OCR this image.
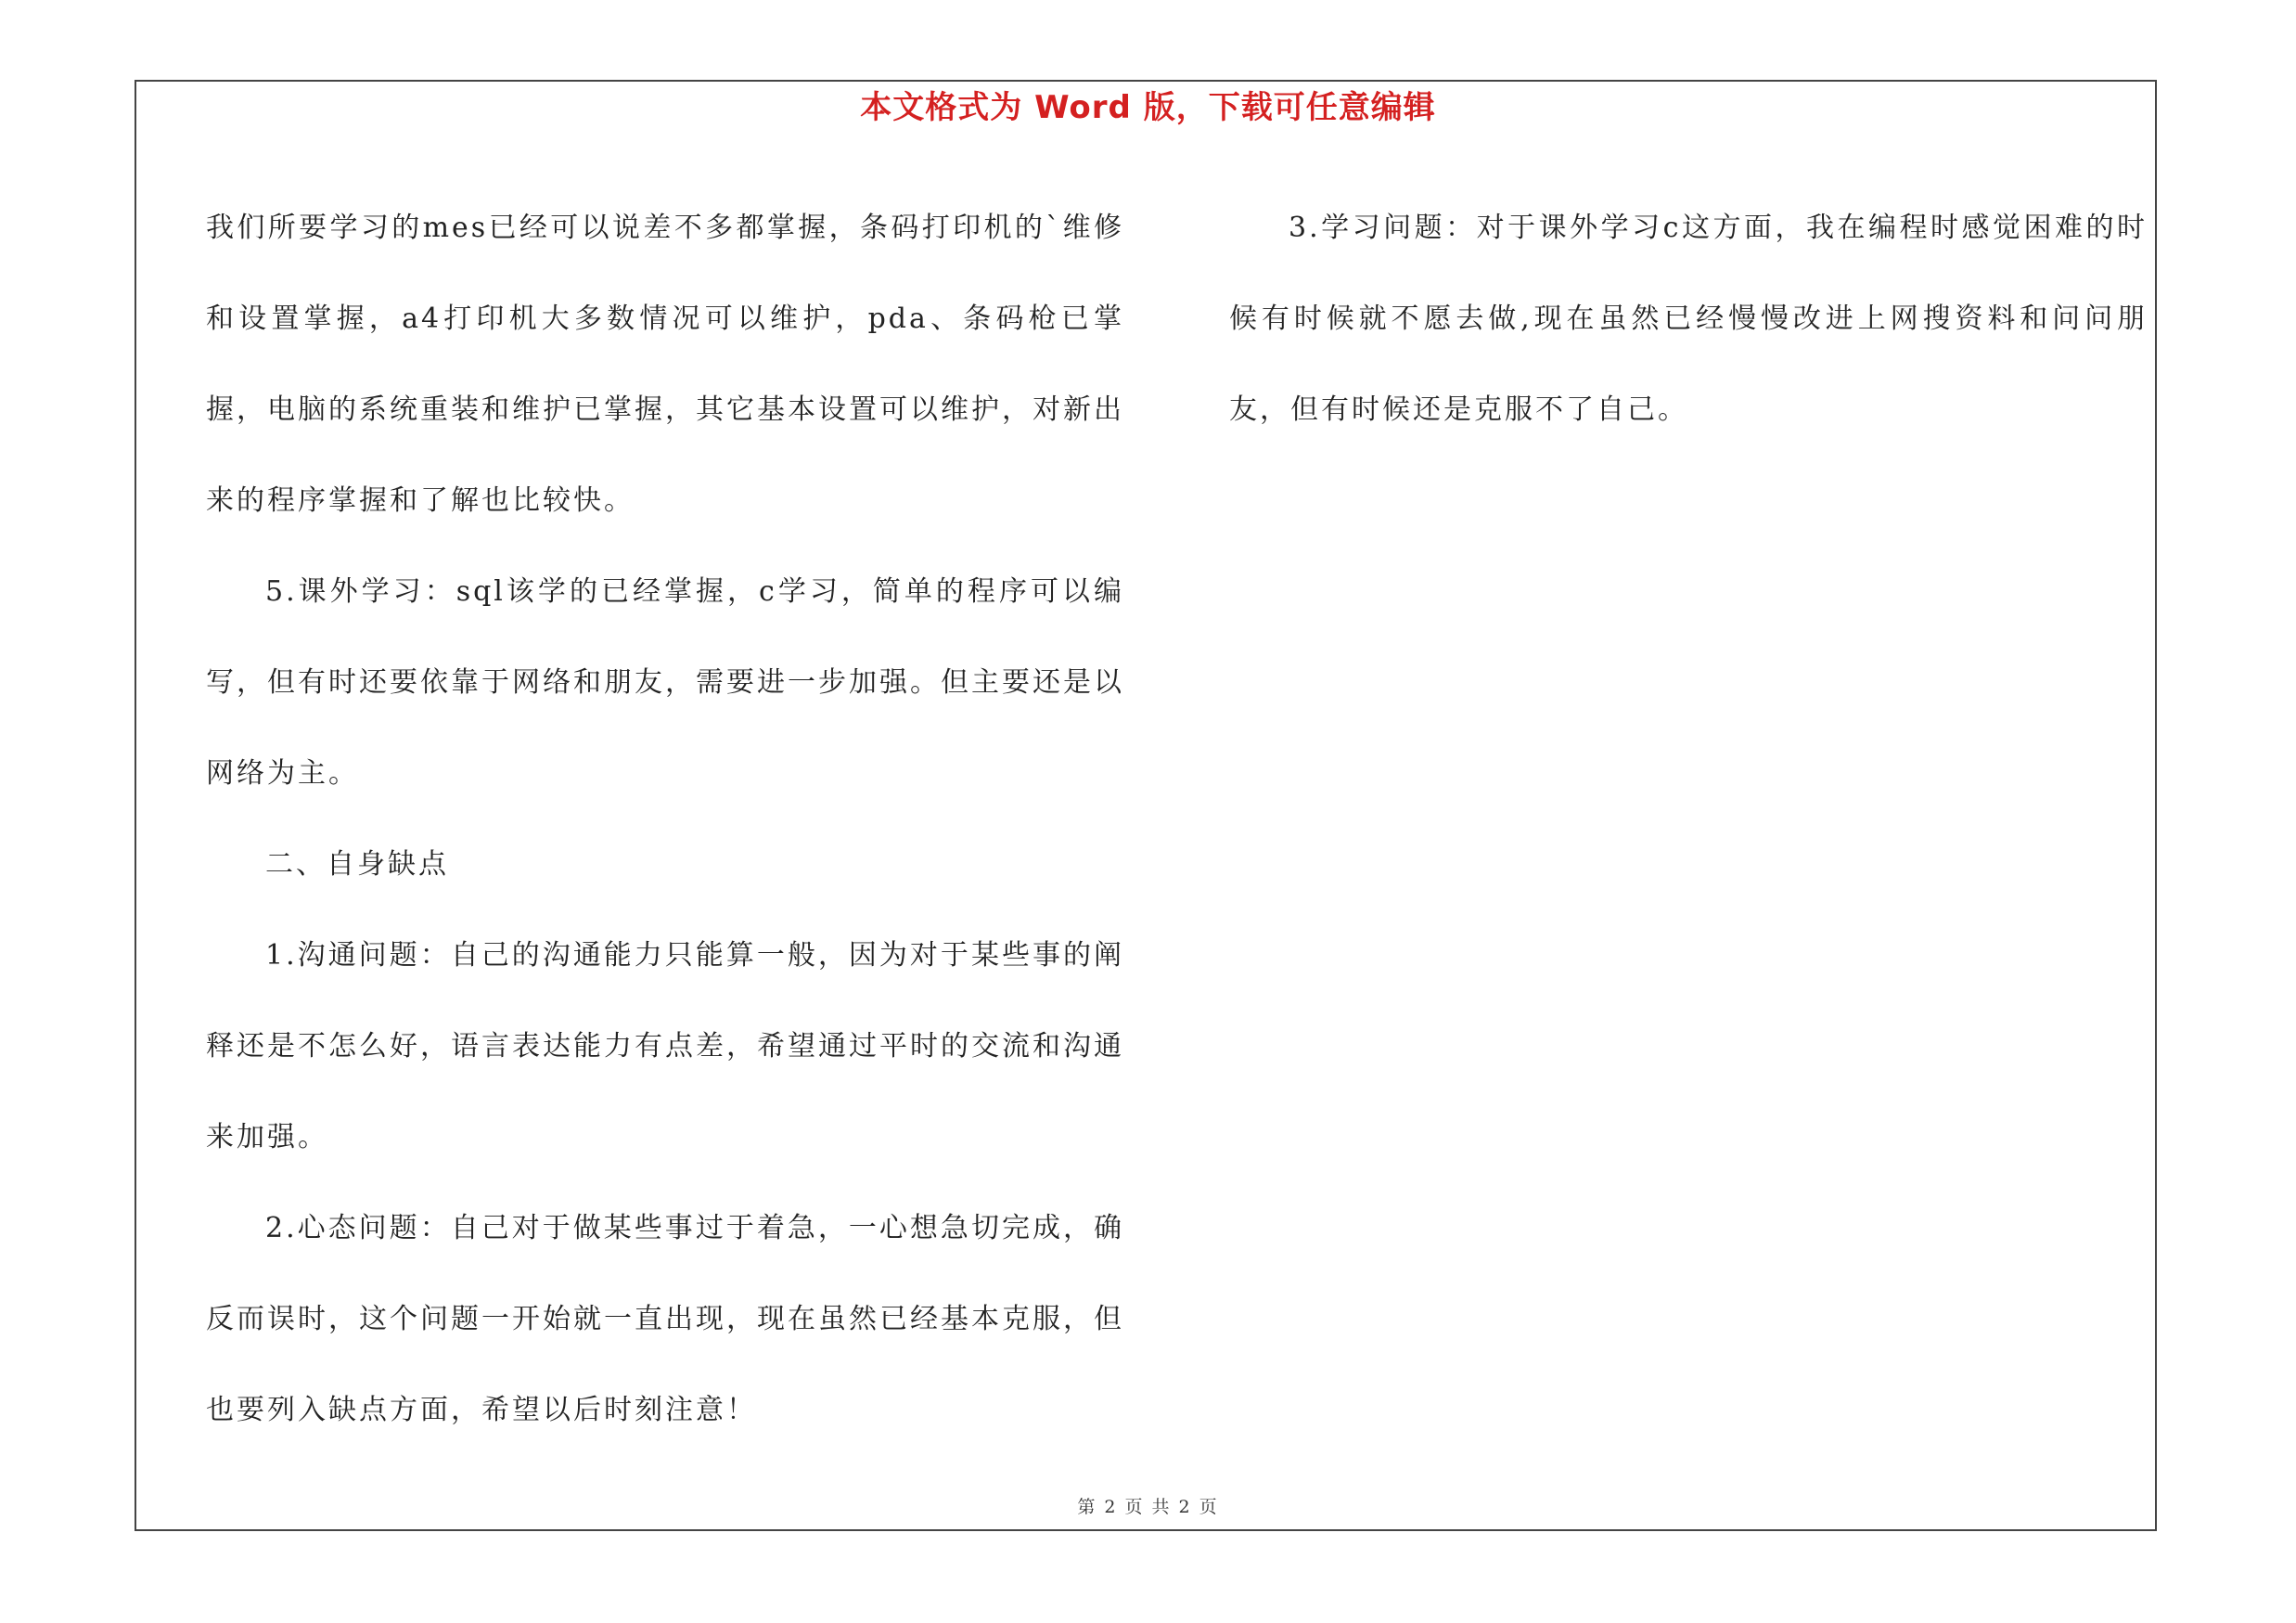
本文格式为 Word 版，下载可任意编辑

我们所要学习的mes已经可以说差不多都掌握，条码打印机的`维修和设置掌握，a4打印机大多数情况可以维护，pda、条码枪已掌握，电脑的系统重装和维护已掌握，其它基本设置可以维护，对新出来的程序掌握和了解也比较快。

5.课外学习：sql该学的已经掌握，c学习，简单的程序可以编写，但有时还要依靠于网络和朋友，需要进一步加强。但主要还是以网络为主。

二、自身缺点

1.沟通问题：自己的沟通能力只能算一般，因为对于某些事的阐释还是不怎么好，语言表达能力有点差，希望通过平时的交流和沟通来加强。

2.心态问题：自己对于做某些事过于着急，一心想急切完成，确反而误时，这个问题一开始就一直出现，现在虽然已经基本克服，但也要列入缺点方面，希望以后时刻注意！

3.学习问题：对于课外学习c这方面，我在编程时感觉困难的时候有时候就不愿去做,现在虽然已经慢慢改进上网搜资料和问问朋友，但有时候还是克服不了自己。

第 2 页 共 2 页
